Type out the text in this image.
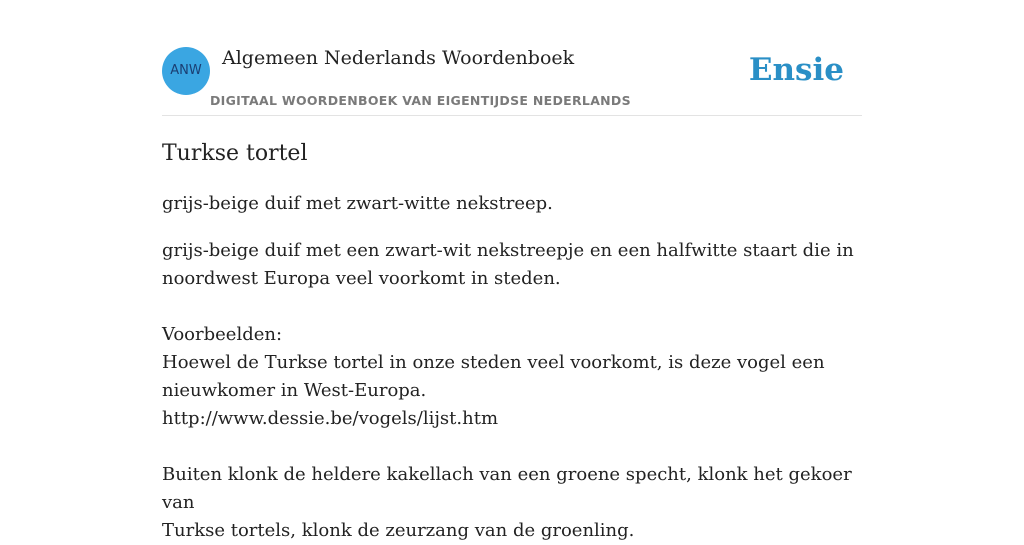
ANW
Algemeen Nederlands Woordenboek
DIGITAAL WOORDENBOEK VAN EIGENTIJDSE NEDERLANDS
Ensie
Turkse tortel

grijs-beige duif met zwart-witte nekstreep.

grijs-beige duif met een zwart-wit nekstreepje en een halfwitte staart die in
noordwest Europa veel voorkomt in steden.
Voorbeelden:
Hoewel de Turkse tortel in onze steden veel voorkomt, is deze vogel een
nieuwkomer in West-Europa.
http://www.dessie.be/vogels/lijst.htm
Buiten klonk de heldere kakellach van een groene specht, klonk het gekoer van
Turkse tortels, klonk de zeurzang van de groenling.
